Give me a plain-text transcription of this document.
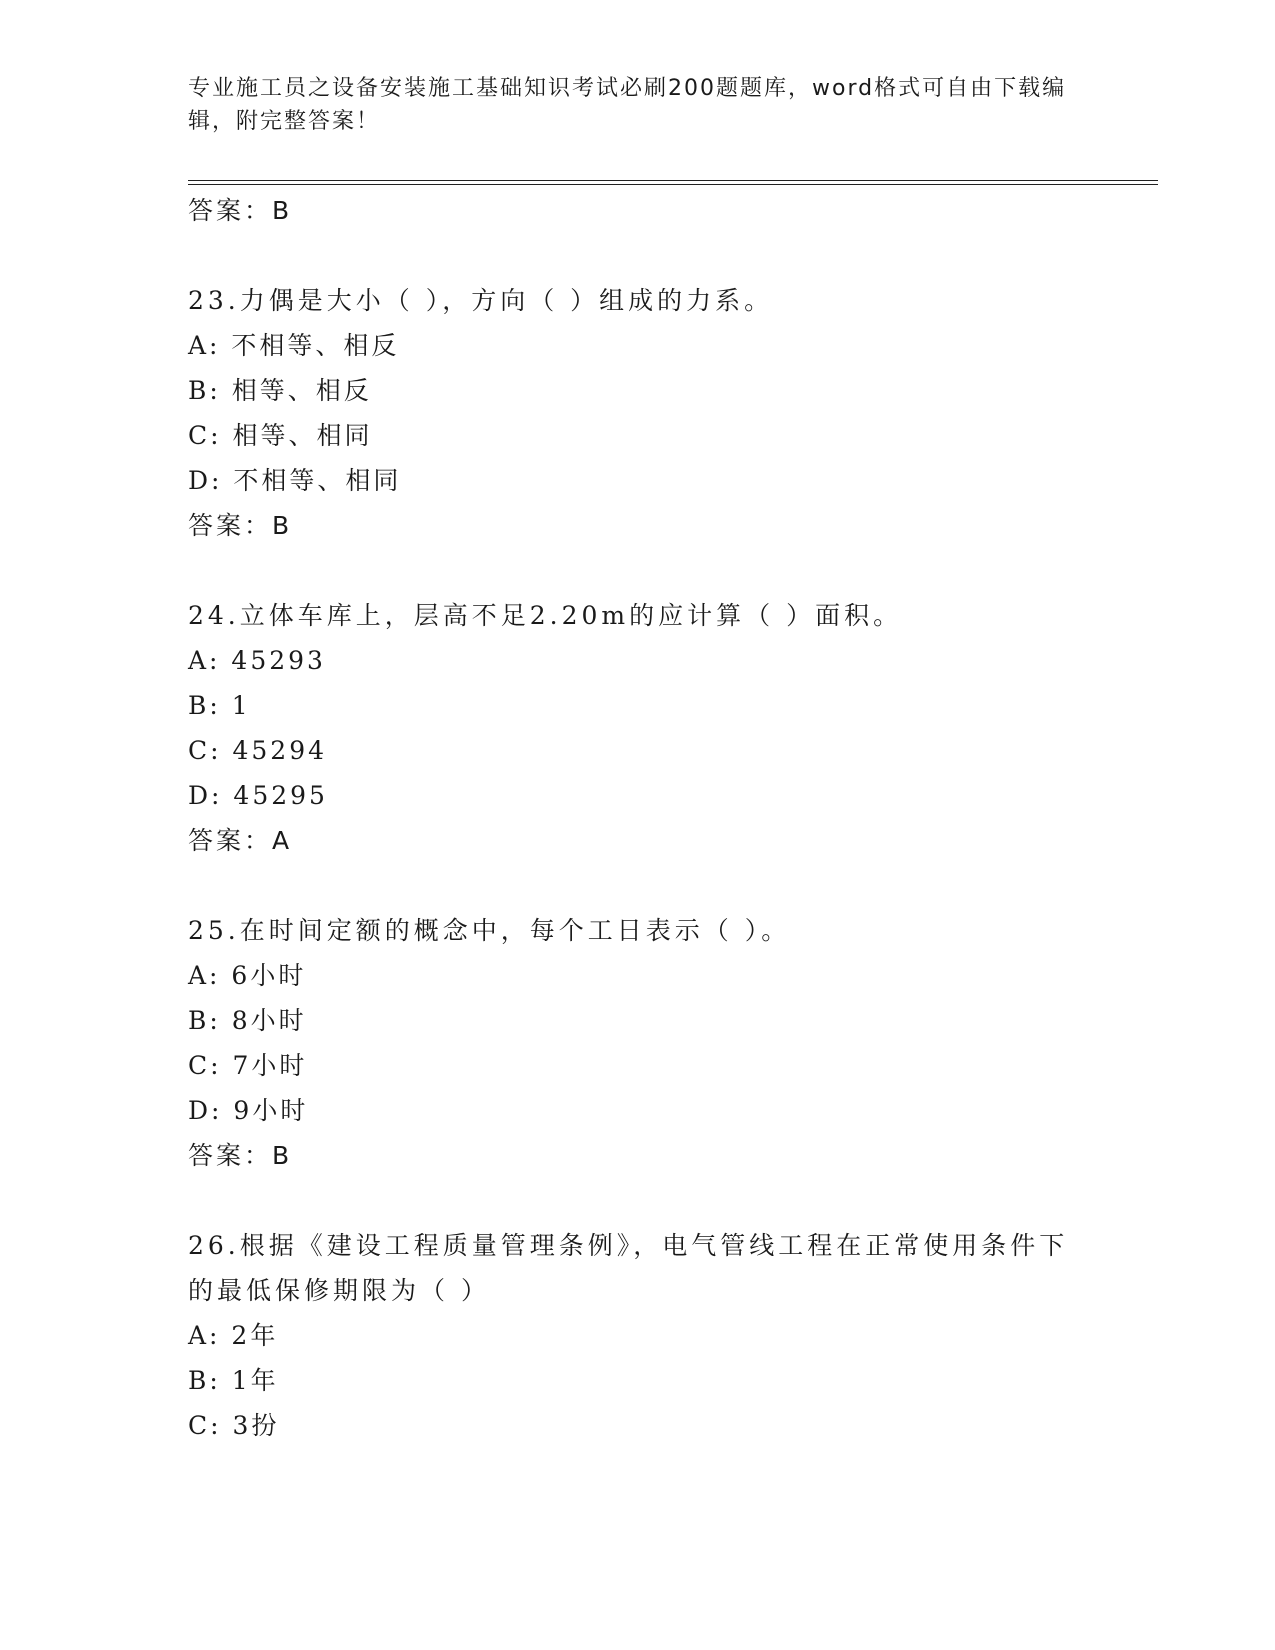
专业施工员之设备安装施工基础知识考试必刷200题题库，word格式可自由下载编辑，附完整答案！
答案：B
23.力偶是大小（ ），方向（ ）组成的力系。
A: 不相等、相反
B: 相等、相反
C: 相等、相同
D: 不相等、相同
答案：B
24.立体车库上，层高不足2.20m的应计算（ ）面积。
A: 45293
B: 1
C: 45294
D: 45295
答案：A
25.在时间定额的概念中，每个工日表示（ ）。
A: 6小时
B: 8小时
C: 7小时
D: 9小时
答案：B
26.根据《建设工程质量管理条例》，电气管线工程在正常使用条件下的最低保修期限为（ ）
A: 2年
B: 1年
C: 3扮
